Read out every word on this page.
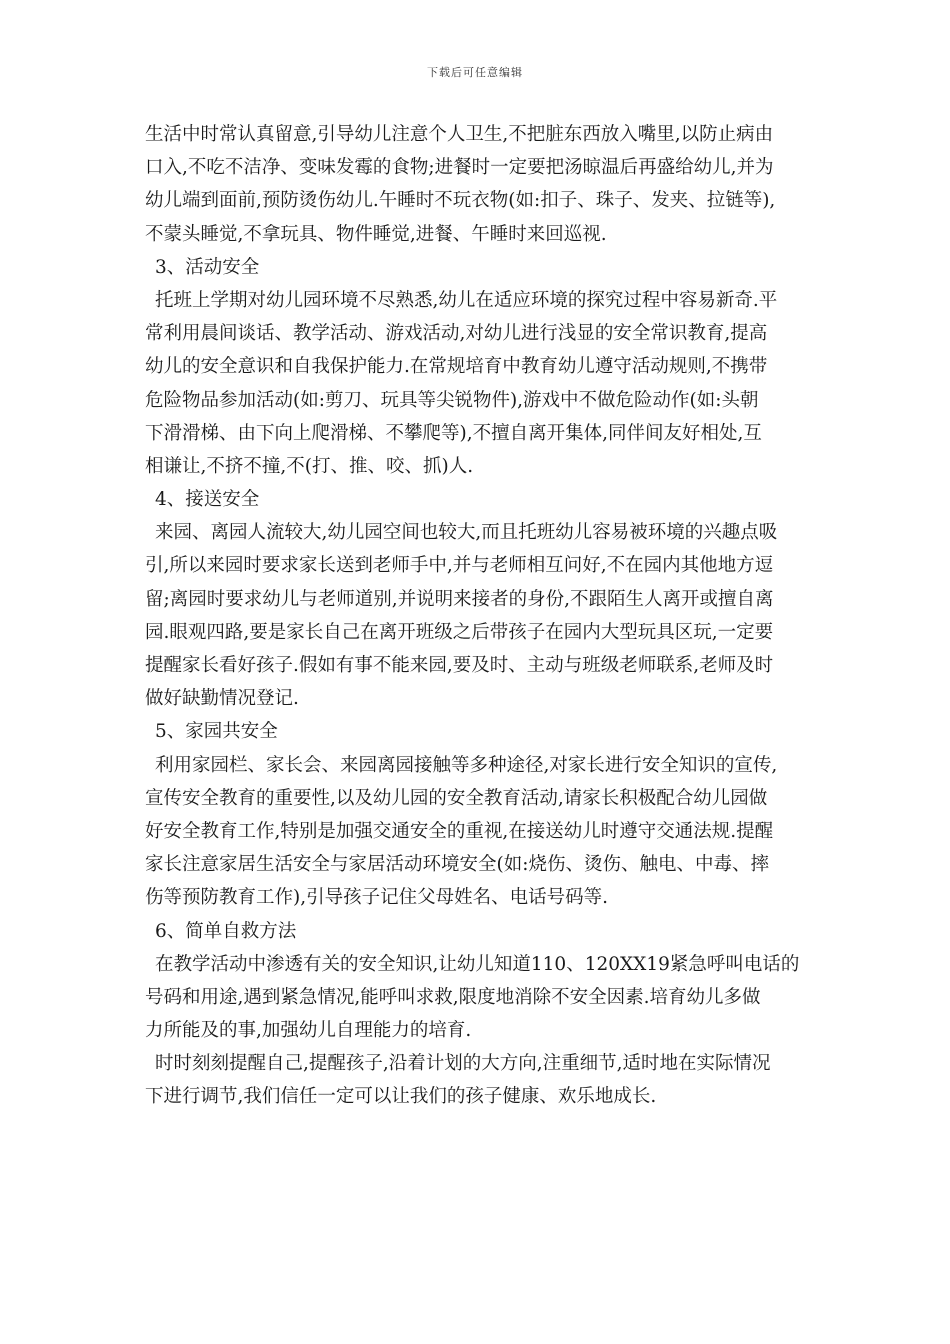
下载后可任意编辑
生活中时常认真留意,引导幼儿注意个人卫生,不把脏东西放入嘴里,以防止病由
口入,不吃不洁净、变味发霉的食物;进餐时一定要把汤晾温后再盛给幼儿,并为
幼儿端到面前,预防烫伤幼儿.午睡时不玩衣物(如:扣子、珠子、发夹、拉链等),
不蒙头睡觉,不拿玩具、物件睡觉,进餐、午睡时来回巡视.
3、活动安全
托班上学期对幼儿园环境不尽熟悉,幼儿在适应环境的探究过程中容易新奇.平
常利用晨间谈话、教学活动、游戏活动,对幼儿进行浅显的安全常识教育,提高
幼儿的安全意识和自我保护能力.在常规培育中教育幼儿遵守活动规则,不携带
危险物品参加活动(如:剪刀、玩具等尖锐物件),游戏中不做危险动作(如:头朝
下滑滑梯、由下向上爬滑梯、不攀爬等),不擅自离开集体,同伴间友好相处,互
相谦让,不挤不撞,不(打、推、咬、抓)人.
4、接送安全
来园、离园人流较大,幼儿园空间也较大,而且托班幼儿容易被环境的兴趣点吸
引,所以来园时要求家长送到老师手中,并与老师相互问好,不在园内其他地方逗
留;离园时要求幼儿与老师道别,并说明来接者的身份,不跟陌生人离开或擅自离
园.眼观四路,要是家长自己在离开班级之后带孩子在园内大型玩具区玩,一定要
提醒家长看好孩子.假如有事不能来园,要及时、主动与班级老师联系,老师及时
做好缺勤情况登记.
5、家园共安全
利用家园栏、家长会、来园离园接触等多种途径,对家长进行安全知识的宣传,
宣传安全教育的重要性,以及幼儿园的安全教育活动,请家长积极配合幼儿园做
好安全教育工作,特别是加强交通安全的重视,在接送幼儿时遵守交通法规.提醒
家长注意家居生活安全与家居活动环境安全(如:烧伤、烫伤、触电、中毒、摔
伤等预防教育工作),引导孩子记住父母姓名、电话号码等.
6、简单自救方法
在教学活动中渗透有关的安全知识,让幼儿知道110、120XX19紧急呼叫电话的
号码和用途,遇到紧急情况,能呼叫求救,限度地消除不安全因素.培育幼儿多做
力所能及的事,加强幼儿自理能力的培育.
时时刻刻提醒自己,提醒孩子,沿着计划的大方向,注重细节,适时地在实际情况
下进行调节,我们信任一定可以让我们的孩子健康、欢乐地成长.
